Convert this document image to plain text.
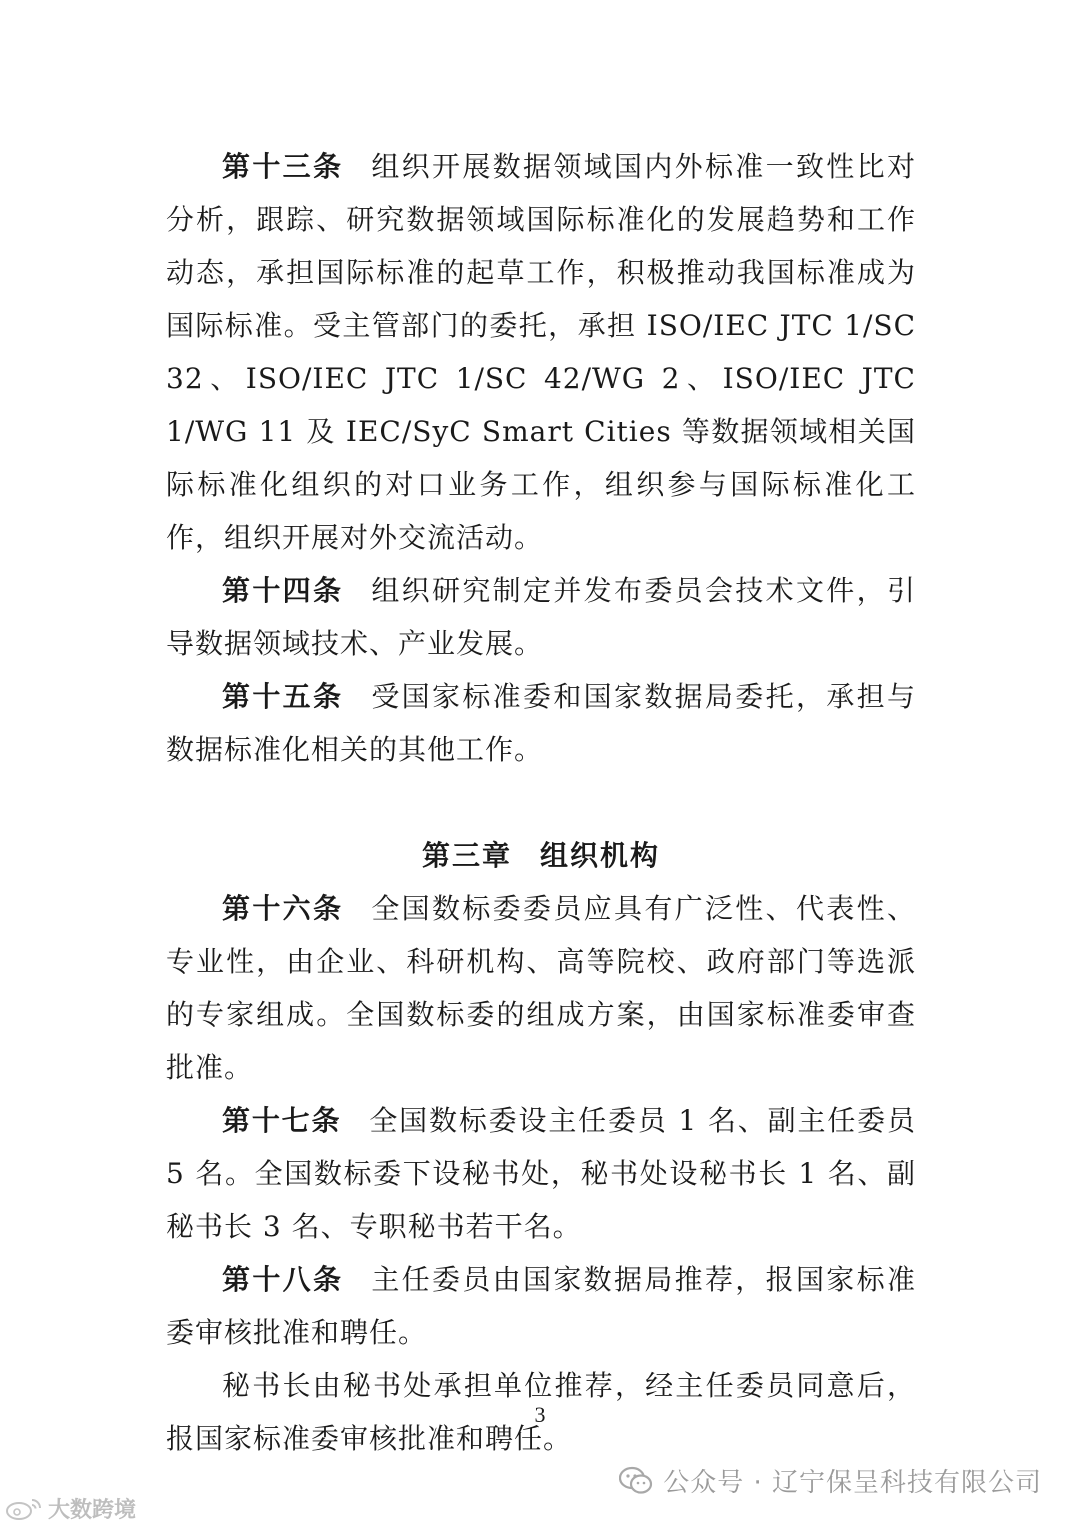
第十三条 组织开展数据领域国内外标准一致性比对分析，跟踪、研究数据领域国际标准化的发展趋势和工作动态，承担国际标准的起草工作，积极推动我国标准成为国际标准。受主管部门的委托，承担 ISO/IEC JTC 1/SC 32、ISO/IEC JTC 1/SC 42/WG 2、ISO/IEC JTC 1/WG 11 及 IEC/SyC Smart Cities 等数据领域相关国际标准化组织的对口业务工作，组织参与国际标准化工作，组织开展对外交流活动。

第十四条 组织研究制定并发布委员会技术文件，引导数据领域技术、产业发展。

第十五条 受国家标准委和国家数据局委托，承担与数据标准化相关的其他工作。

第三章 组织机构

第十六条 全国数标委委员应具有广泛性、代表性、专业性，由企业、科研机构、高等院校、政府部门等选派的专家组成。全国数标委的组成方案，由国家标准委审查批准。

第十七条 全国数标委设主任委员 1 名、副主任委员 5 名。全国数标委下设秘书处，秘书处设秘书长 1 名、副秘书长 3 名、专职秘书若干名。

第十八条 主任委员由国家数据局推荐，报国家标准委审核批准和聘任。

秘书长由秘书处承担单位推荐，经主任委员同意后，报国家标准委审核批准和聘任。

3
公众号 · 辽宁保呈科技有限公司
大数跨境
